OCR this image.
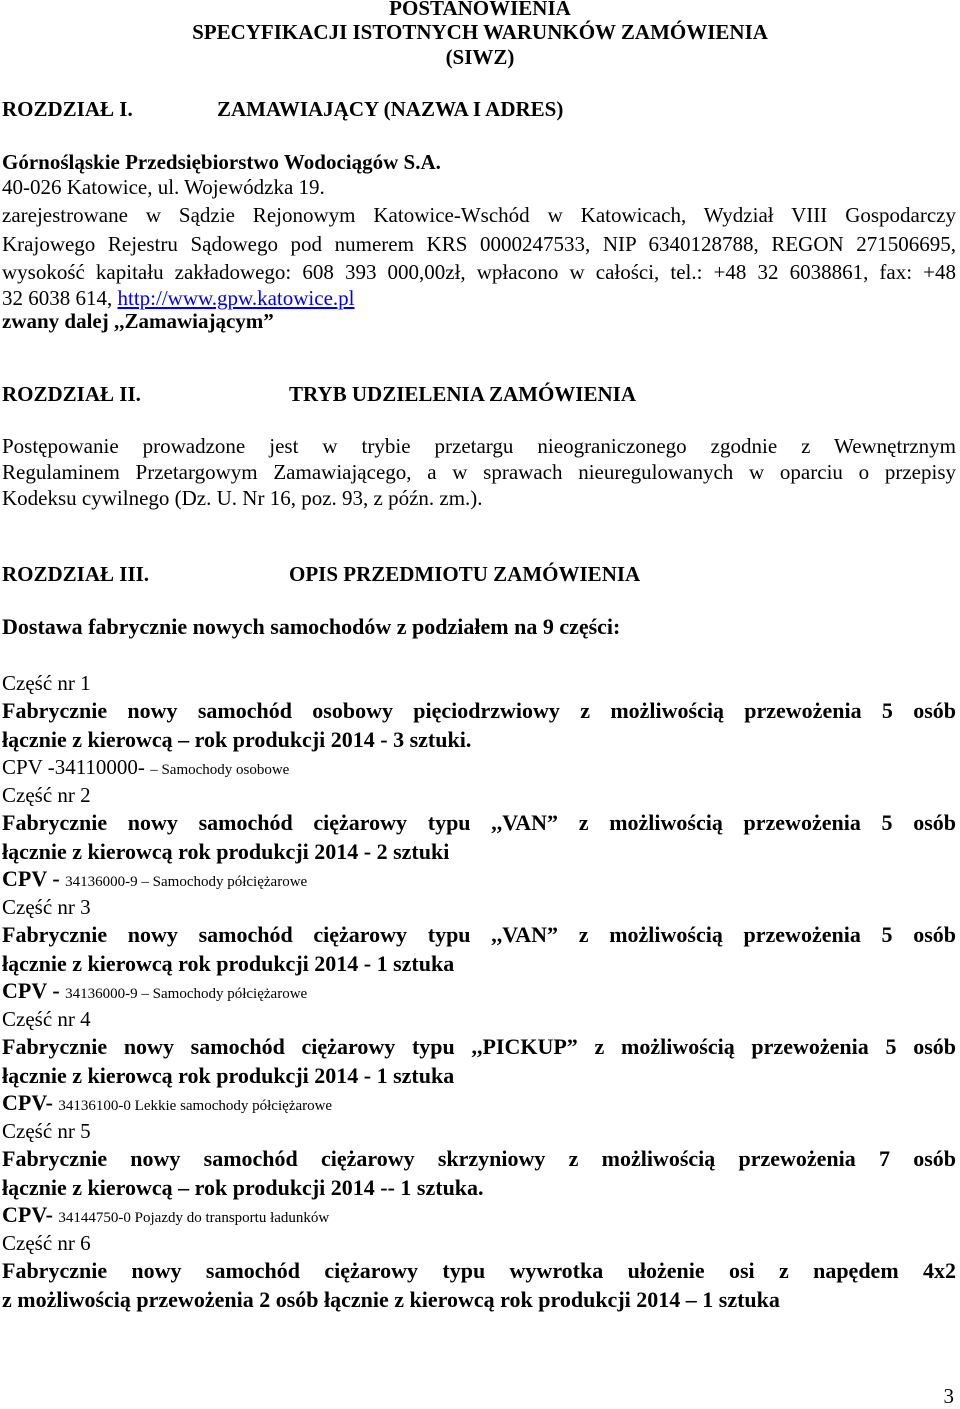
POSTANOWIENIA
SPECYFIKACJI ISTOTNYCH WARUNKÓW ZAMÓWIENIA
(SIWZ)
ROZDZIAŁ I.	ZAMAWIAJĄCY (NAZWA I ADRES)
Górnośląskie Przedsiębiorstwo Wodociągów S.A.
40-026 Katowice, ul. Wojewódzka 19.
zarejestrowane w Sądzie Rejonowym Katowice-Wschód w Katowicach, Wydział VIII Gospodarczy
Krajowego Rejestru Sądowego pod numerem KRS 0000247533, NIP 6340128788, REGON 271506695,
wysokość kapitału zakładowego: 608 393 000,00zł, wpłacono w całości, tel.: +48 32 6038861, fax: +48
32 6038 614, http://www.gpw.katowice.pl
zwany dalej ,,Zamawiającym”
ROZDZIAŁ II.	TRYB UDZIELENIA ZAMÓWIENIA
Postępowanie prowadzone jest w trybie przetargu nieograniczonego zgodnie z Wewnętrznym
Regulaminem Przetargowym Zamawiającego, a w sprawach nieuregulowanych w oparciu o przepisy
Kodeksu cywilnego (Dz. U. Nr 16, poz. 93, z późn. zm.).
ROZDZIAŁ III.	OPIS PRZEDMIOTU ZAMÓWIENIA
Dostawa fabrycznie nowych samochodów z podziałem na 9 części:
Część nr 1
Fabrycznie nowy samochód osobowy pięciodrzwiowy z możliwością przewożenia 5 osób
łącznie z kierowcą – rok produkcji 2014 - 3 sztuki.
CPV -34110000- – Samochody osobowe
Część nr 2
Fabrycznie nowy samochód ciężarowy typu ,,VAN” z możliwością przewożenia 5 osób
łącznie z kierowcą rok produkcji 2014 - 2 sztuki
CPV - 34136000-9 – Samochody półciężarowe
Część nr 3
Fabrycznie nowy samochód ciężarowy typu ,,VAN” z możliwością przewożenia 5 osób
łącznie z kierowcą rok produkcji 2014 - 1 sztuka
CPV - 34136000-9 – Samochody półciężarowe
Część nr 4
Fabrycznie nowy samochód ciężarowy typu ,,PICKUP” z możliwością przewożenia 5 osób
łącznie z kierowcą rok produkcji 2014 - 1 sztuka
CPV- 34136100-0 Lekkie samochody półciężarowe
Część nr 5
Fabrycznie nowy samochód ciężarowy skrzyniowy z możliwością przewożenia 7 osób
łącznie z kierowcą – rok produkcji 2014 -- 1 sztuka.
CPV- 34144750-0 Pojazdy do transportu ładunków
Część nr 6
Fabrycznie nowy samochód ciężarowy typu wywrotka ułożenie osi z napędem 4x2
z możliwością przewożenia 2 osób łącznie z kierowcą rok produkcji 2014 – 1 sztuka
3
